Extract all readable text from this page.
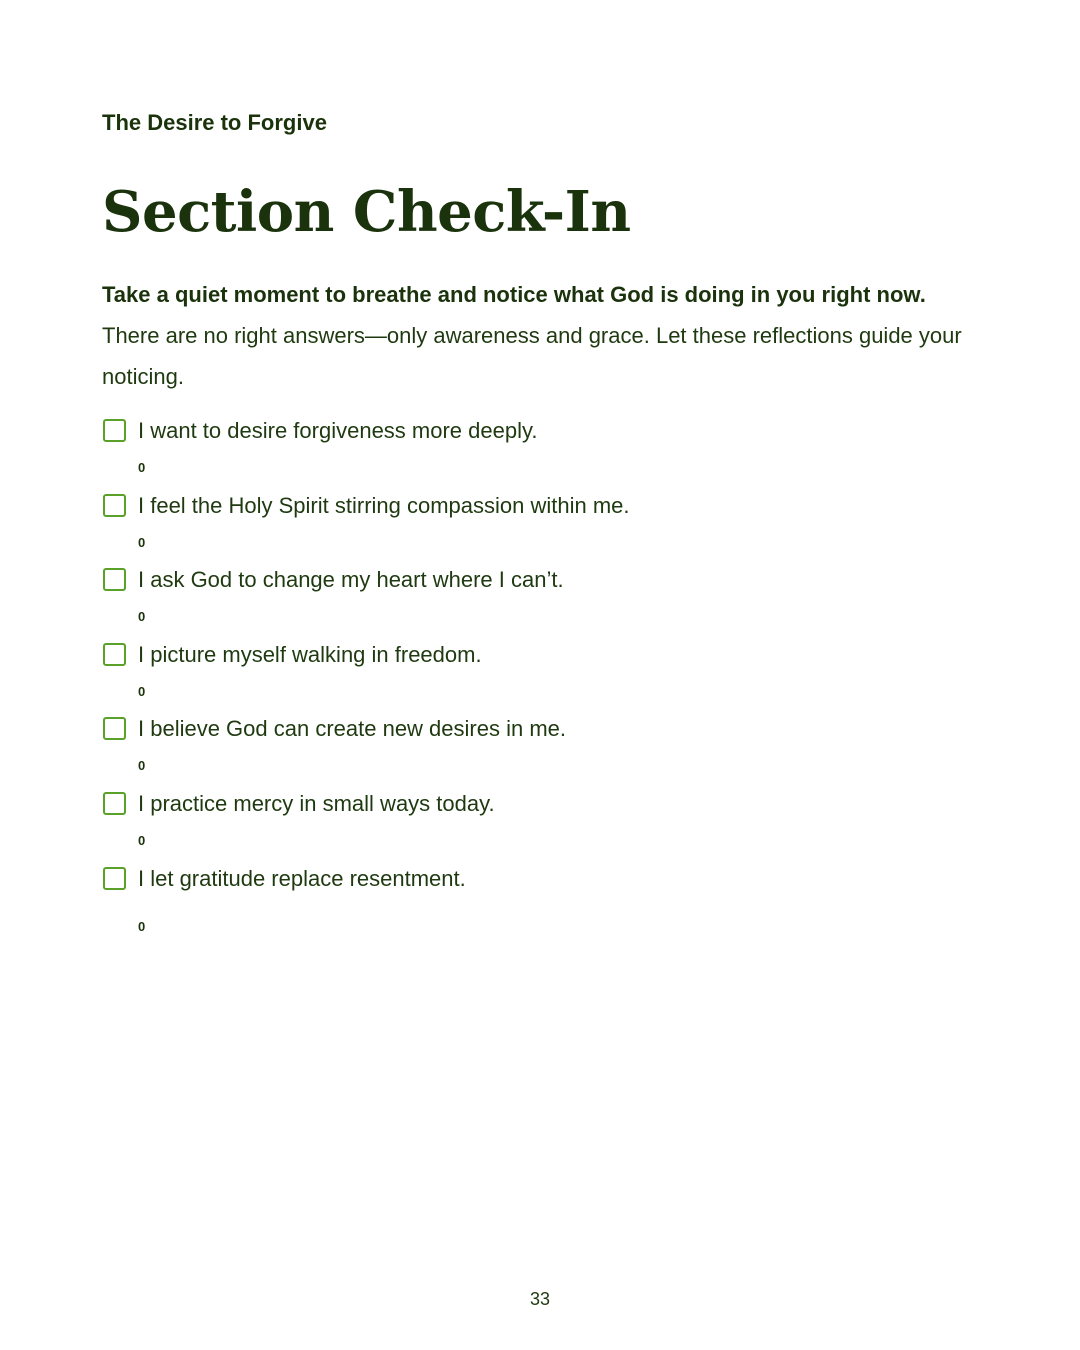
The Desire to Forgive
Section Check-In
Take a quiet moment to breathe and notice what God is doing in you right now.
There are no right answers—only awareness and grace. Let these reflections guide your noticing.
I want to desire forgiveness more deeply.
0
I feel the Holy Spirit stirring compassion within me.
0
I ask God to change my heart where I can’t.
0
I picture myself walking in freedom.
0
I believe God can create new desires in me.
0
I practice mercy in small ways today.
0
I let gratitude replace resentment.
0
33
